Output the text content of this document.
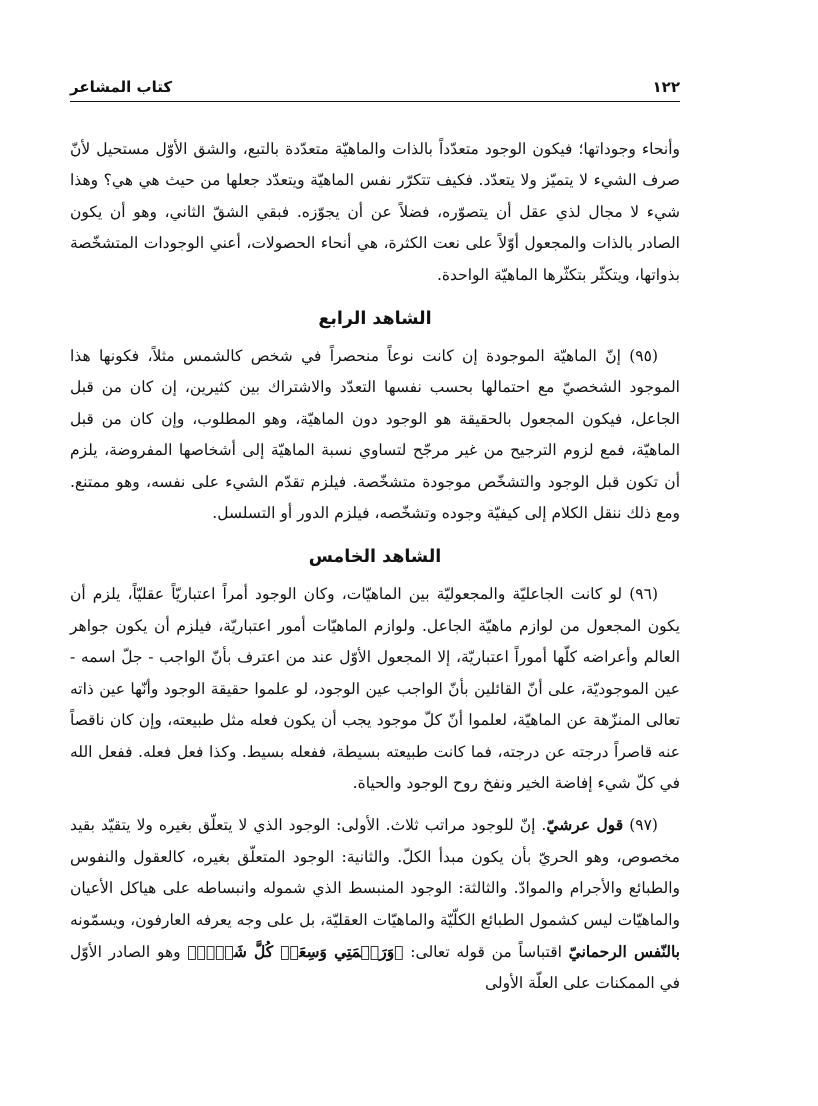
١٢٢
كتاب المشاعر

وأنحاء وجوداتها؛ فيكون الوجود متعدّداً بالذات والماهيّة متعدّدة بالتبع، والشق الأوّل مستحيل لأنّ صرف الشيء لا يتميّز ولا يتعدّد. فكيف تتكرّر نفس الماهيّة ويتعدّد جعلها من حيث هي هي؟ وهذا شيء لا مجال لذي عقل أن يتصوّره، فضلاً عن أن يجوّزه. فبقي الشقّ الثاني، وهو أن يكون الصادر بالذات والمجعول أوّلاً على نعت الكثرة، هي أنحاء الحصولات، أعني الوجودات المتشخّصة بذواتها، ويتكثّر بتكثّرها الماهيّة الواحدة.

الشاهد الرابع

(٩٥) إنّ الماهيّة الموجودة إن كانت نوعاً منحصراً في شخص كالشمس مثلاً، فكونها هذا الموجود الشخصيّ مع احتمالها بحسب نفسها التعدّد والاشتراك بين كثيرين، إن كان من قبل الجاعل، فيكون المجعول بالحقيقة هو الوجود دون الماهيّة، وهو المطلوب، وإن كان من قبل الماهيّة، فمع لزوم الترجيح من غير مرجّح لتساوي نسبة الماهيّة إلى أشخاصها المفروضة، يلزم أن تكون قبل الوجود والتشخّص موجودة متشخّصة. فيلزم تقدّم الشيء على نفسه، وهو ممتنع. ومع ذلك ننقل الكلام إلى كيفيّة وجوده وتشخّصه، فيلزم الدور أو التسلسل.

الشاهد الخامس

(٩٦) لو كانت الجاعليّة والمجعوليّة بين الماهيّات، وكان الوجود أمراً اعتباريّاً عقليّاً، يلزم أن يكون المجعول من لوازم ماهيّة الجاعل. ولوازم الماهيّات أمور اعتباريّة، فيلزم أن يكون جواهر العالم وأعراضه كلّها أموراً اعتباريّة، إلا المجعول الأوّل عند من اعترف بأنّ الواجب - جلّ اسمه - عين الموجوديّة، على أنّ القائلين بأنّ الواجب عين الوجود، لو علموا حقيقة الوجود وأنّها عين ذاته تعالى المنزّهة عن الماهيّة، لعلموا أنّ كلّ موجود يجب أن يكون فعله مثل طبيعته، وإن كان ناقصاً عنه قاصراً درجته عن درجته، فما كانت طبيعته بسيطة، ففعله بسيط. وكذا فعل فعله. ففعل الله في كلّ شيء إفاضة الخير ونفخ روح الوجود والحياة.

(٩٧) قول عرشيّ. إنّ للوجود مراتب ثلاث. الأولى: الوجود الذي لا يتعلّق بغيره ولا يتقيّد بقيد مخصوص، وهو الحريّ بأن يكون مبدأ الكلّ. والثانية: الوجود المتعلّق بغيره، كالعقول والنفوس والطبائع والأجرام والموادّ. والثالثة: الوجود المنبسط الذي شموله وانبساطه على هياكل الأعيان والماهيّات ليس كشمول الطبائع الكلّيّة والماهيّات العقليّة، بل على وجه يعرفه العارفون، ويسمّونه بالنّفس الرحمانيّ اقتباساً من قوله تعالى: ﴿وَرَحۡمَتِي وَسِعَتۡ كُلَّ شَيۡءٖ﴾ وهو الصادر الأوّل في الممكنات على العلّة الأولى
